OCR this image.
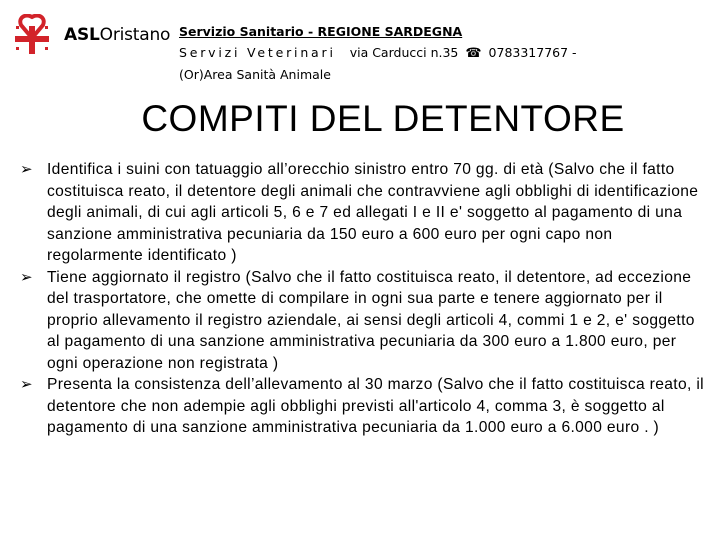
ASLOristano Servizio Sanitario - REGIONE SARDEGNA
Servizi Veterinari via Carducci n.35 ☎ 0783317767 -
(Or)Area Sanità Animale
COMPITI DEL DETENTORE
➢ Identifica i suini con tatuaggio all’orecchio sinistro entro 70 gg. di età (Salvo che il fatto costituisca reato, il detentore degli animali che contravviene agli obblighi di identificazione degli animali, di cui agli articoli 5, 6 e 7 ed allegati I e II e' soggetto al pagamento di una sanzione amministrativa pecuniaria da 150 euro a 600 euro per ogni capo non regolarmente identificato )
➢ Tiene aggiornato il registro (Salvo che il fatto costituisca reato, il detentore, ad eccezione del trasportatore, che omette di compilare in ogni sua parte e tenere aggiornato per il proprio allevamento il registro aziendale, ai sensi degli articoli 4, commi 1 e 2, e' soggetto al pagamento di una sanzione amministrativa pecuniaria da 300 euro a 1.800 euro, per ogni operazione non registrata )
➢ Presenta la consistenza dell’allevamento al 30 marzo (Salvo che il fatto costituisca reato, il detentore che non adempie agli obblighi previsti all'articolo 4, comma 3, è soggetto al pagamento di una sanzione amministrativa pecuniaria da 1.000 euro a 6.000 euro . )
